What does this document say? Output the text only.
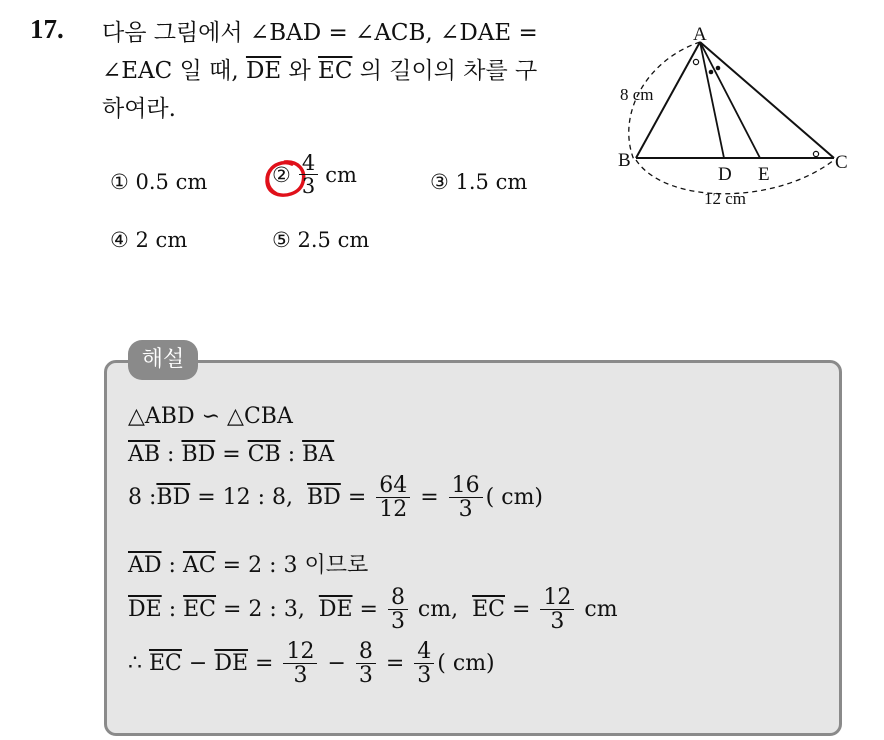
17. 다음 그림에서 ∠BAD = ∠ACB, ∠DAE =
∠EAC 일 때, $\overline{DE}$ 와 $\overline{EC}$ 의 길이의 차를 구
하여라.
① 0.5 cm	② $\frac{4}{3}$ cm	③ 1.5 cm
④ 2 cm	⑤ 2.5 cm
A
B	C
D E
8 cm
12 cm
해설
△ABD ∽ △CBA
$\overline{AB}$ : $\overline{BD} = \overline{CB}$ : $\overline{BA}$
8 : $\overline{BD} = 12$ : 8, $\overline{BD} = \frac{64}{12} = \frac{16}{3}$ ( cm)
$\overline{AD}$ : $\overline{AC} = 2$ : 3 이므로
$\overline{DE}$ : $\overline{EC} = 2$ : 3, $\overline{DE} = \frac{8}{3}$ cm, $\overline{EC} = \frac{12}{3}$ cm
∴ $\overline{EC} - \overline{DE} = \frac{12}{3} - \frac{8}{3} = \frac{4}{3}$ ( cm)
